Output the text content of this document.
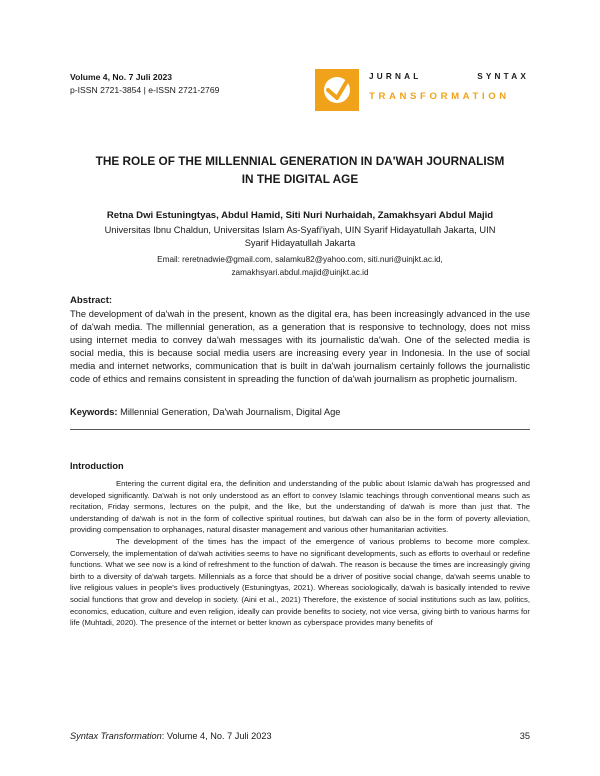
Volume 4, No. 7 Juli 2023
p-ISSN 2721-3854 | e-ISSN 2721-2769
JURNAL	SYNTAX
TRANSFORMATION
THE ROLE OF THE MILLENNIAL GENERATION IN DA'WAH JOURNALISM
IN THE DIGITAL AGE
Retna Dwi Estuningtyas, Abdul Hamid, Siti Nuri Nurhaidah, Zamakhsyari Abdul Majid
Universitas Ibnu Chaldun, Universitas Islam As-Syafi'iyah, UIN Syarif Hidayatullah Jakarta, UIN
Syarif Hidayatullah Jakarta
Email: reretnadwie@gmail.com, salamku82@yahoo.com, siti.nuri@uinjkt.ac.id,
zamakhsyari.abdul.majid@uinjkt.ac.id
Abstract:
The development of da'wah in the present, known as the digital era, has been increasingly advanced in the use of da'wah media. The millennial generation, as a generation that is responsive to technology, does not miss using internet media to convey da'wah messages with its journalistic da'wah. One of the selected media is social media, this is because social media users are increasing every year in Indonesia. In the use of social media and internet networks, communication that is built in da'wah journalism certainly follows the journalistic code of ethics and remains consistent in spreading the function of da'wah journalism as prophetic journalism.
Keywords: Millennial Generation, Da'wah Journalism, Digital Age
Introduction

Entering the current digital era, the definition and understanding of the public about Islamic da'wah has progressed and developed significantly. Da'wah is not only understood as an effort to convey Islamic teachings through conventional means such as recitation, Friday sermons, lectures on the pulpit, and the like, but the understanding of da'wah is more than just that. The understanding of da'wah is not in the form of collective spiritual routines, but da'wah can also be in the form of poverty alleviation, providing compensation to orphanages, natural disaster management and various other humanitarian activities.

The development of the times has the impact of the emergence of various problems to become more complex. Conversely, the implementation of da'wah activities seems to have no significant developments, such as efforts to overhaul or redefine functions. What we see now is a kind of refreshment to the function of da'wah. The reason is because the times are increasingly giving birth to a diversity of da'wah targets. Millennials as a force that should be a driver of positive social change, da'wah seems unable to live religious values in people's lives productively (Estuningtyas, 2021). Whereas sociologically, da'wah is basically intended to revive social functions that grow and develop in society. (Aini et al., 2021) Therefore, the existence of social institutions such as law, politics, economics, education, culture and even religion, ideally can provide benefits to society, not vice versa, giving birth to various harms for life (Muhtadi, 2020). The presence of the internet or better known as cyberspace provides many benefits of

Syntax Transformation: Volume 4, No. 7 Juli 2023	35
